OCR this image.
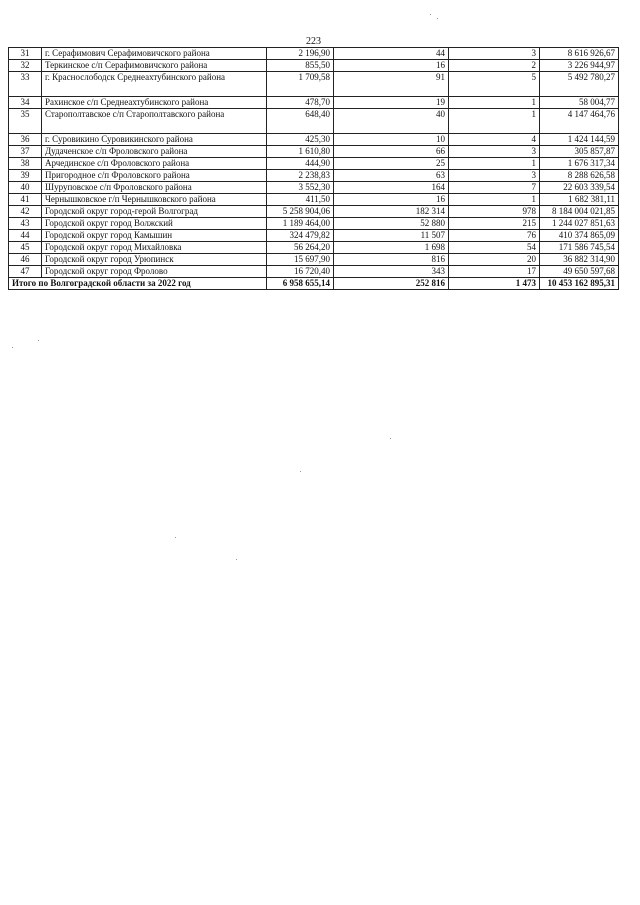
223
31	г. Серафимович Серафимовичского района	2 196,90	44	3	8 616 926,67
32	Теркинское с/п Серафимовичского района	855,50	16	2	3 226 944,97
33	г. Краснослободск Среднеахтубинского района	1 709,58	91	5	5 492 780,27
34	Рахинское с/п Среднеахтубинского района	478,70	19	1	58 004,77
35	Старополтавское с/п Старополтавского района	648,40	40	1	4 147 464,76
36	г. Суровикино Суровикинского района	425,30	10	4	1 424 144,59
37	Дудаченское с/п Фроловского района	1 610,80	66	3	305 857,87
38	Арчединское с/п Фроловского района	444,90	25	1	1 676 317,34
39	Пригородное с/п Фроловского района	2 238,83	63	3	8 288 626,58
40	Шуруповское с/п Фроловского района	3 552,30	164	7	22 603 339,54
41	Чернышковское г/п Чернышковского района	411,50	16	1	1 682 381,11
42	Городской округ город-герой Волгоград	5 258 904,06	182 314	978	8 184 004 021,85
43	Городской округ город Волжский	1 189 464,00	52 880	215	1 244 027 851,63
44	Городской округ город Камышин	324 479,82	11 507	76	410 374 865,09
45	Городской округ город Михайловка	56 264,20	1 698	54	171 586 745,54
46	Городской округ город Урюпинск	15 697,90	816	20	36 882 314,90
47	Городской округ город Фролово	16 720,40	343	17	49 650 597,68
Итого по Волгоградской области за 2022 год		6 958 655,14	252 816	1 473	10 453 162 895,31
